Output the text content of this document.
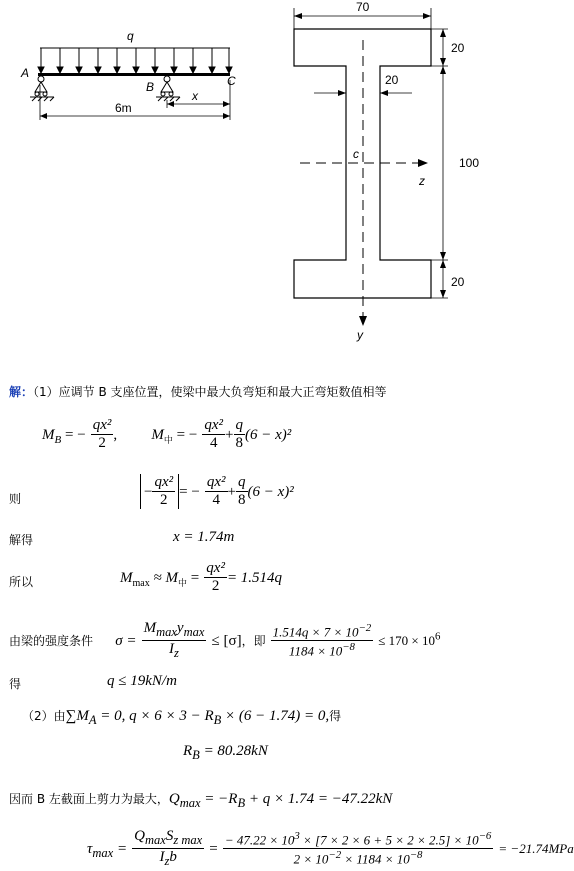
q
A
B	C
6m
x
70
20
20
100
20
c
z
y
解：（1）应调节 B 支座位置，使梁中最大负弯矩和最大正弯矩数值相等
$M_B$ = − $\frac{\text{qx²}}{2}$ , $M_中$ = − $\frac{\text{qx²}}{4} + \frac{q}{8} (6 - x)^2$
则	− $\frac{\text{qx²}}{2}$ = − $\frac{\text{qx²}}{4} + \frac{q}{8} (6 - x)^2$
解得	x = 1.74m
所以	$M_{max} \approx M_中 = \frac{\text{qx²}}{2} = 1.514q$
由梁的强度条件 $\sigma = \frac{M_{max}y_{max}}{I_z} \le [\sigma]$，即 $\frac{1.514q \times 7 \times 10^{-2}}{1184 \times 10^{-8}} \le 170 \times 10^6$
得	q ≤ 19kN/m
（2）由$\sum M_A = 0$, $q \times 6 \times 3 - R_B \times (6 - 1.74) = 0$,得
$R_B = 80.28kN$
因而 B 左截面上剪力为最大，$Q_{max} = -R_B + q \times 1.74 = -47.22kN$
$\tau_{max} = \frac{Q_{max}S_{z max}}{I_zb} = \frac{- 47.22 \times 10^3 \times [7 \times 2 \times 6 + 5 \times 2 \times 2.5] \times 10^{-6}}{2 \times 10^{-2} \times 1184 \times 10^{-8}} = -21.74MPa$
